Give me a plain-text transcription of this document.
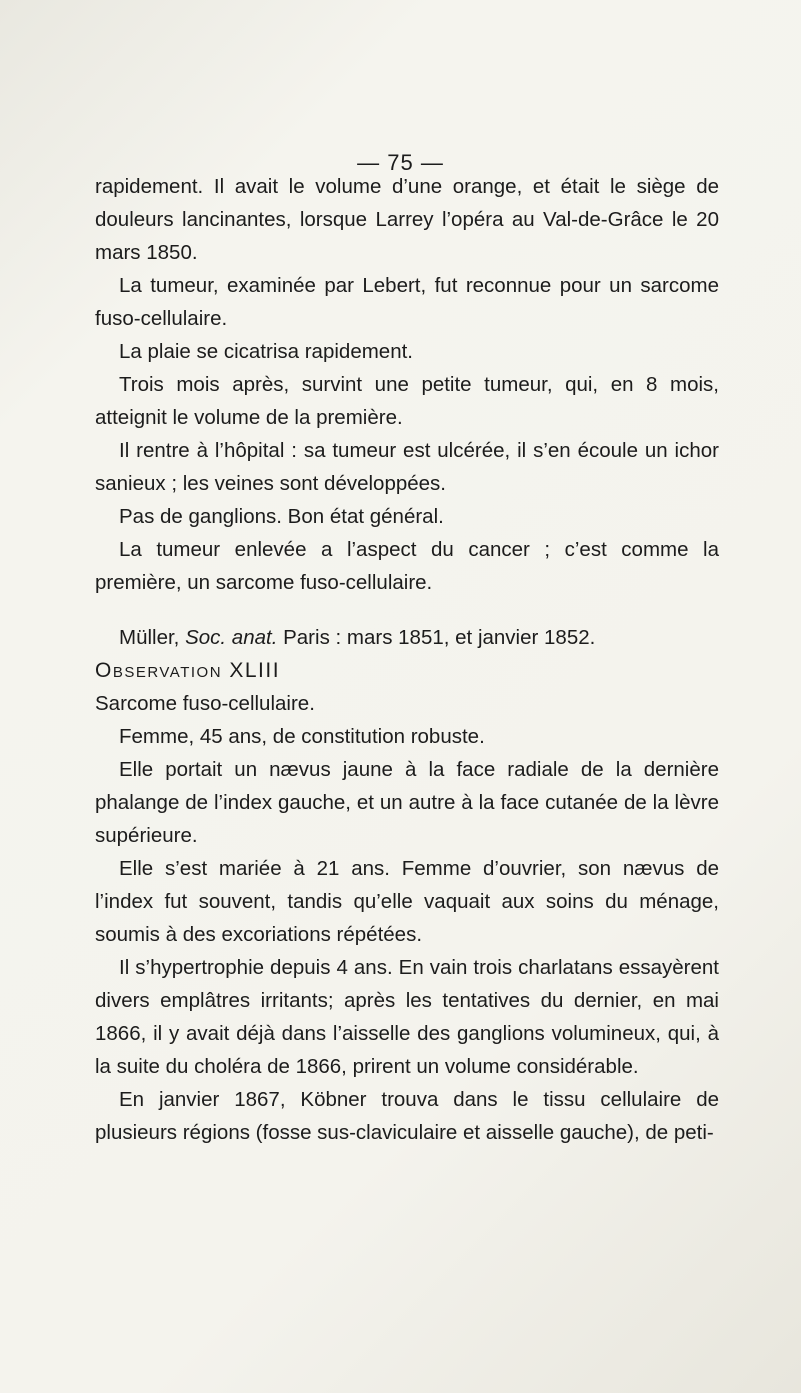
— 75 —

rapidement. Il avait le volume d’une orange, et était le siège de douleurs lancinantes, lorsque Larrey l’opéra au Val-de-Grâce le 20 mars 1850.

La tumeur, examinée par Lebert, fut reconnue pour un sarcome fuso-cellulaire.

La plaie se cicatrisa rapidement.

Trois mois après, survint une petite tumeur, qui, en 8 mois, atteignit le volume de la première.

Il rentre à l’hôpital : sa tumeur est ulcérée, il s’en écoule un ichor sanieux ; les veines sont développées.

Pas de ganglions. Bon état général.

La tumeur enlevée a l’aspect du cancer ; c’est comme la première, un sarcome fuso-cellulaire.

Müller, Soc. anat. Paris : mars 1851, et janvier 1852.

Observation XLIII

Sarcome fuso-cellulaire.

Femme, 45 ans, de constitution robuste.

Elle portait un nævus jaune à la face radiale de la dernière phalange de l’index gauche, et un autre à la face cutanée de la lèvre supérieure.

Elle s’est mariée à 21 ans. Femme d’ouvrier, son nævus de l’index fut souvent, tandis qu’elle vaquait aux soins du ménage, soumis à des excoriations répétées.

Il s’hypertrophie depuis 4 ans. En vain trois charlatans essayèrent divers emplâtres irritants; après les tentatives du dernier, en mai 1866, il y avait déjà dans l’aisselle des ganglions volumineux, qui, à la suite du choléra de 1866, prirent un volume considérable.

En janvier 1867, Köbner trouva dans le tissu cellulaire de plusieurs régions (fosse sus-claviculaire et aisselle gauche), de peti-
